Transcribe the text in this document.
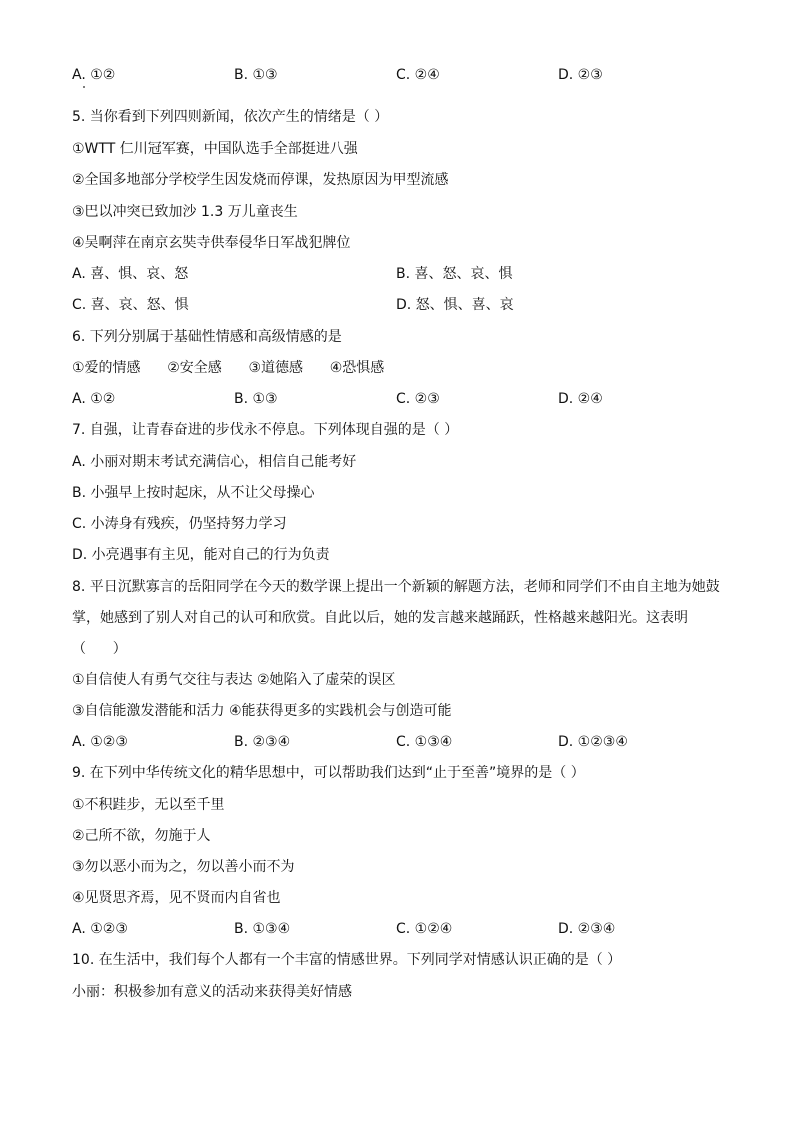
A. ①②	B. ①③	C. ②④	D. ②③
5. 当你看到下列四则新闻，依次产生的情绪是（ ）
①WTT 仁川冠军赛，中国队选手全部挺进八强
②全国多地部分学校学生因发烧而停课，发热原因为甲型流感
③巴以冲突已致加沙 1.3 万儿童丧生
④吴啊萍在南京玄奘寺供奉侵华日军战犯牌位
A. 喜、惧、哀、怒	B. 喜、怒、哀、惧
C. 喜、哀、怒、惧	D. 怒、惧、喜、哀
6. 下列分别属于基础性情感和高级情感的是
①爱的情感      ②安全感      ③道德感      ④恐惧感
A. ①②	B. ①③	C. ②③	D. ②④
7. 自强，让青春奋进的步伐永不停息。下列体现自强的是（ ）
A. 小丽对期末考试充满信心，相信自己能考好
B. 小强早上按时起床，从不让父母操心
C. 小涛身有残疾，仍坚持努力学习
D. 小亮遇事有主见，能对自己的行为负责
8. 平日沉默寡言的岳阳同学在今天的数学课上提出一个新颖的解题方法，老师和同学们不由自主地为她鼓
掌，她感到了别人对自己的认可和欣赏。自此以后，她的发言越来越踊跃，性格越来越阳光。这表明
（      ）
①自信使人有勇气交往与表达 ②她陷入了虚荣的误区
③自信能激发潜能和活力 ④能获得更多的实践机会与创造可能
A. ①②③	B. ②③④	C. ①③④	D. ①②③④
9. 在下列中华传统文化的精华思想中，可以帮助我们达到“止于至善”境界的是（ ）
①不积跬步，无以至千里
②己所不欲，勿施于人
③勿以恶小而为之，勿以善小而不为
④见贤思齐焉，见不贤而内自省也
A. ①②③	B. ①③④	C. ①②④	D. ②③④
10. 在生活中，我们每个人都有一个丰富的情感世界。下列同学对情感认识正确的是（ ）
小丽：积极参加有意义的活动来获得美好情感
